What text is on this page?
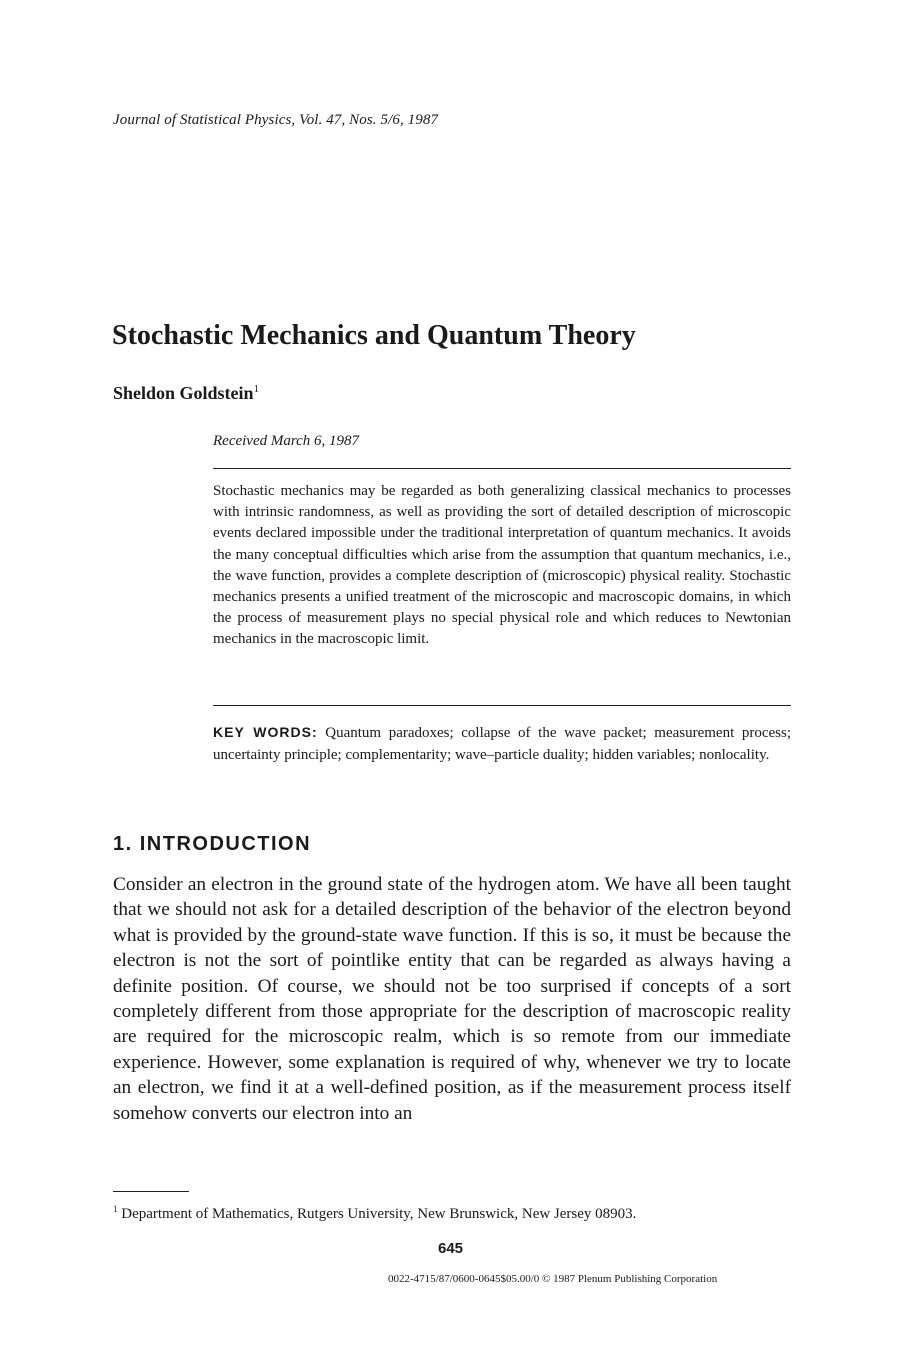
Journal of Statistical Physics, Vol. 47, Nos. 5/6, 1987
Stochastic Mechanics and Quantum Theory
Sheldon Goldstein$^1$
Received March 6, 1987

Stochastic mechanics may be regarded as both generalizing classical mechanics to processes with intrinsic randomness, as well as providing the sort of detailed description of microscopic events declared impossible under the traditional interpretation of quantum mechanics. It avoids the many conceptual difficulties which arise from the assumption that quantum mechanics, i.e., the wave function, provides a complete description of (microscopic) physical reality. Stochastic mechanics presents a unified treatment of the microscopic and macroscopic domains, in which the process of measurement plays no special physical role and which reduces to Newtonian mechanics in the macroscopic limit.

KEY WORDS: Quantum paradoxes; collapse of the wave packet; measurement process; uncertainty principle; complementarity; wave–particle duality; hidden variables; nonlocality.

1. INTRODUCTION

Consider an electron in the ground state of the hydrogen atom. We have all been taught that we should not ask for a detailed description of the behavior of the electron beyond what is provided by the ground-state wave function. If this is so, it must be because the electron is not the sort of pointlike entity that can be regarded as always having a definite position. Of course, we should not be too surprised if concepts of a sort completely different from those appropriate for the description of macroscopic reality are required for the microscopic realm, which is so remote from our immediate experience. However, some explanation is required of why, whenever we try to locate an electron, we find it at a well-defined position, as if the measurement process itself somehow converts our electron into an

$^1$ Department of Mathematics, Rutgers University, New Brunswick, New Jersey 08903.
645
0022-4715/87/0600-0645$05.00/0 © 1987 Plenum Publishing Corporation
